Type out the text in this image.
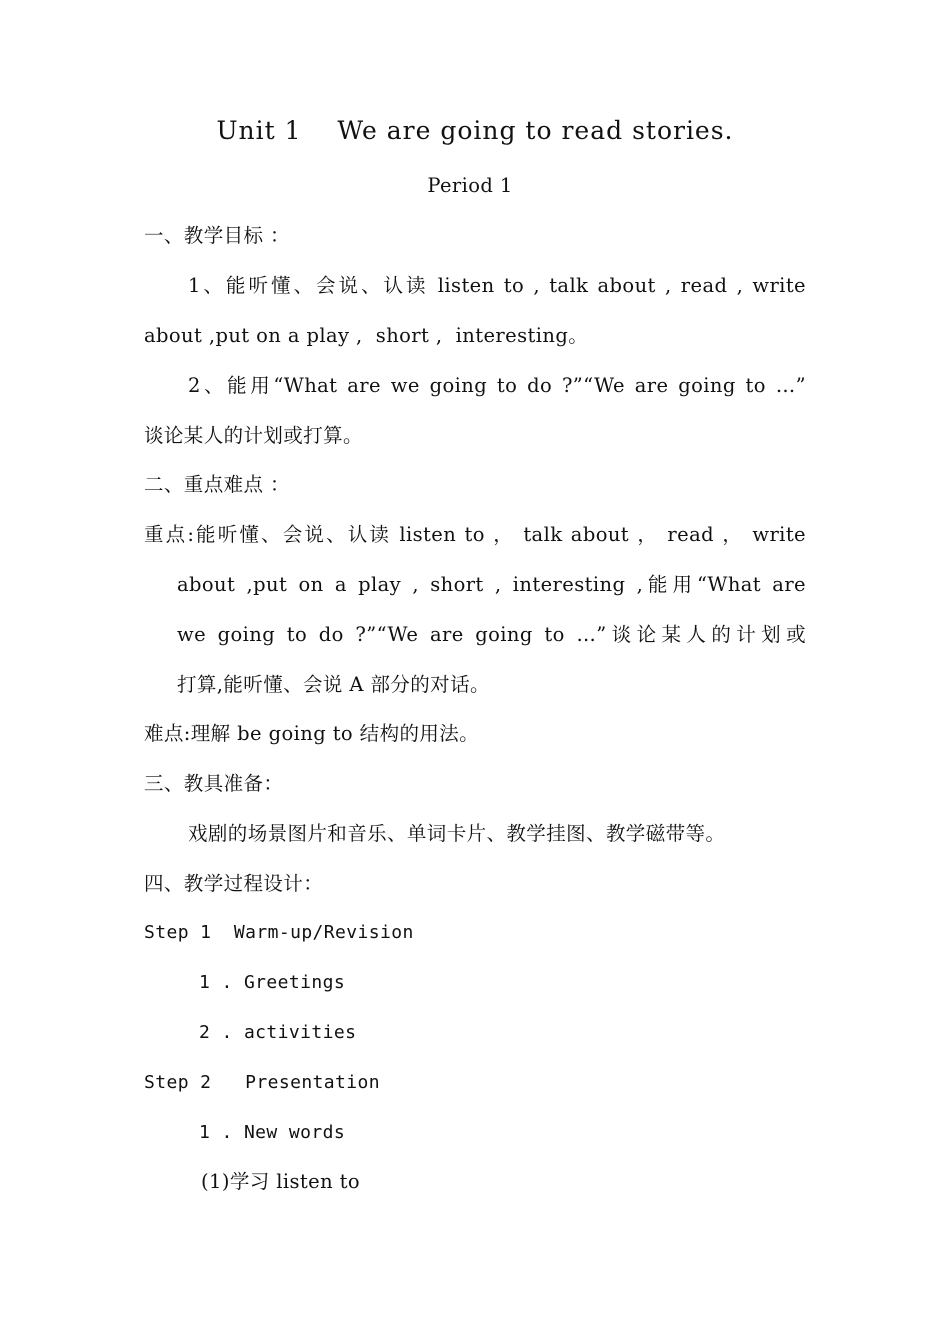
Unit 1    We are going to read stories.
Period 1
一、教学目标 ：
1、能听懂、会说、认读 listen to , talk about , read , write
about ,put on a play ,  short ,  interesting。
2、能用“What are we going to do ?”“We are going to …”
谈论某人的计划或打算。
二、重点难点 ：
重点:能听懂、会说、认读 listen to ， talk about ， read ， write
about ,put on a play , short , interesting ,能用“What are
we going to do ?”“We are going to …”谈论某人的计划或
打算,能听懂、会说 A 部分的对话。
难点:理解 be going to 结构的用法。
三、教具准备：
戏剧的场景图片和音乐、单词卡片、教学挂图、教学磁带等。
四、教学过程设计：
Step 1  Warm-up/Revision
1 . Greetings
2 . activities
Step 2   Presentation
1 . New words
(1)学习 listen to
